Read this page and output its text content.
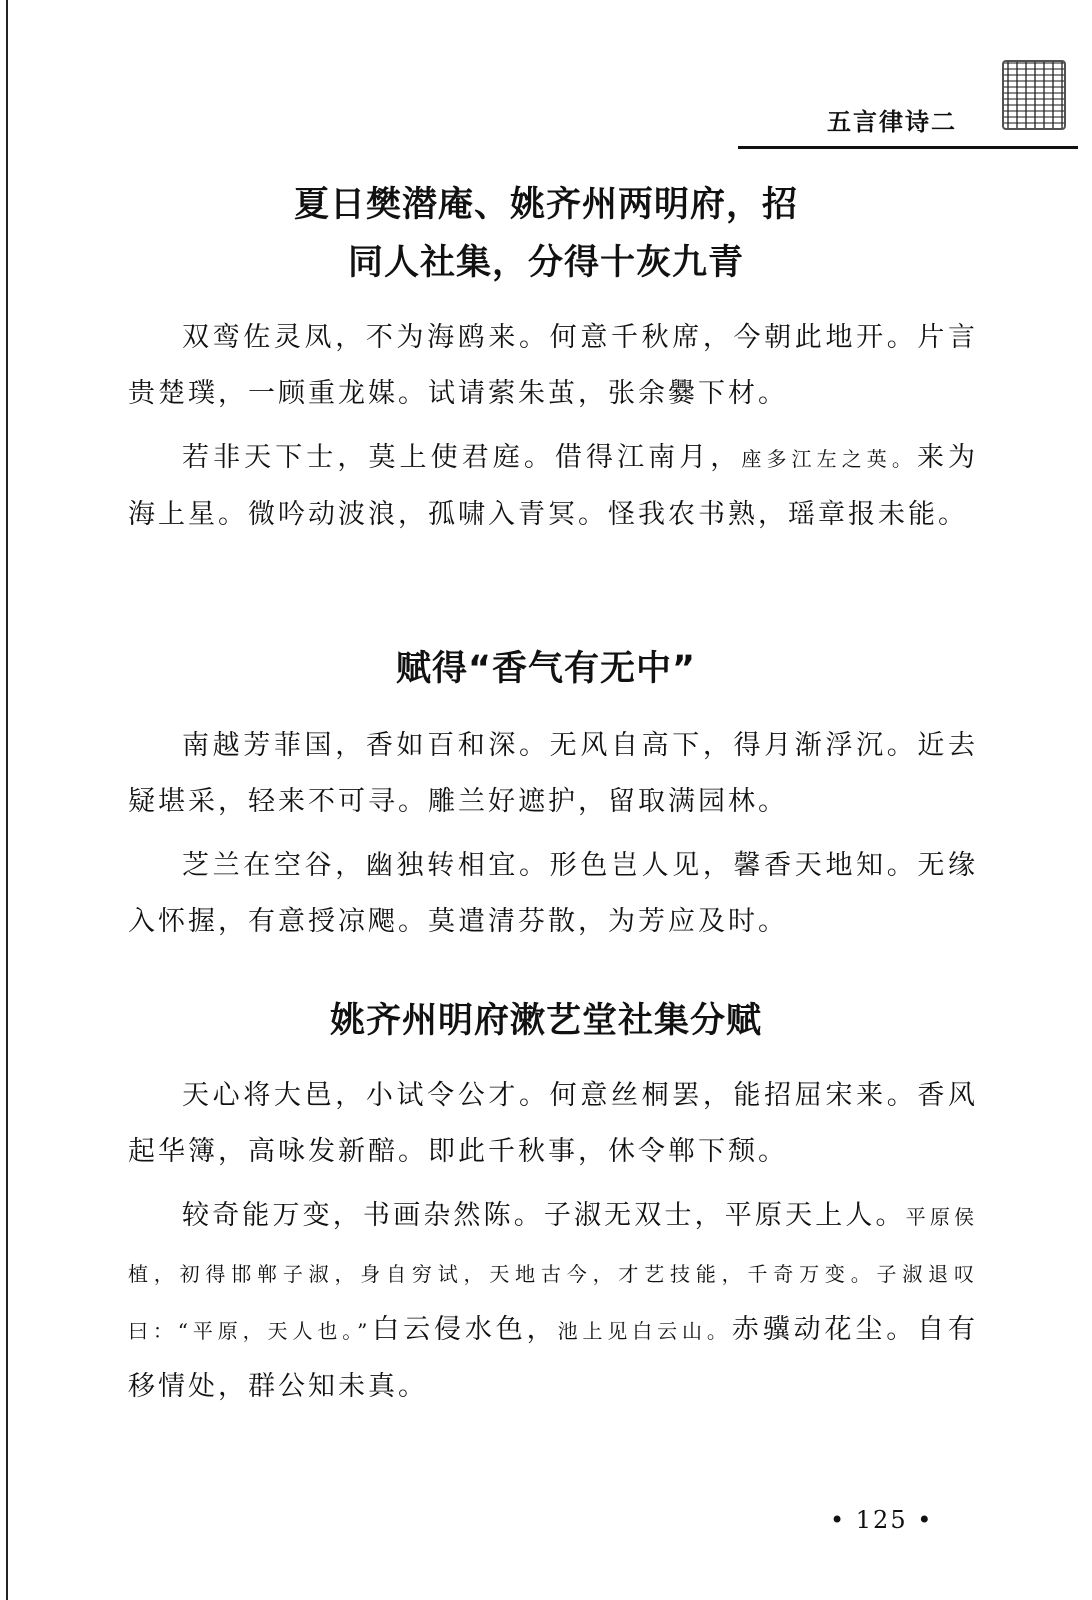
五言律诗二
夏日樊潜庵、姚齐州两明府，招
同人社集，分得十灰九青

双鸾佐灵凤，不为海鸥来。何意千秋席，今朝此地开。片言贵楚璞，一顾重龙媒。试请萦朱茧，张余爨下材。

若非天下士，莫上使君庭。借得江南月，座多江左之英。来为海上星。微吟动波浪，孤啸入青冥。怪我农书熟，瑶章报未能。

赋得“香气有无中”

南越芳菲国，香如百和深。无风自高下，得月渐浮沉。近去疑堪采，轻来不可寻。雕兰好遮护，留取满园林。

芝兰在空谷，幽独转相宜。形色岂人见，馨香天地知。无缘入怀握，有意授凉飔。莫遣清芬散，为芳应及时。

姚齐州明府漱艺堂社集分赋

天心将大邑，小试令公才。何意丝桐罢，能招屈宋来。香风起华簿，高咏发新醅。即此千秋事，休令郸下颓。

较奇能万变，书画杂然陈。子淑无双士，平原天上人。平原侯植，初得邯郸子淑，身自穷试，天地古今，才艺技能，千奇万变。子淑退叹曰：“平原，天人也。”白云侵水色，池上见白云山。赤骥动花尘。自有移情处，群公知未真。

• 125 •
